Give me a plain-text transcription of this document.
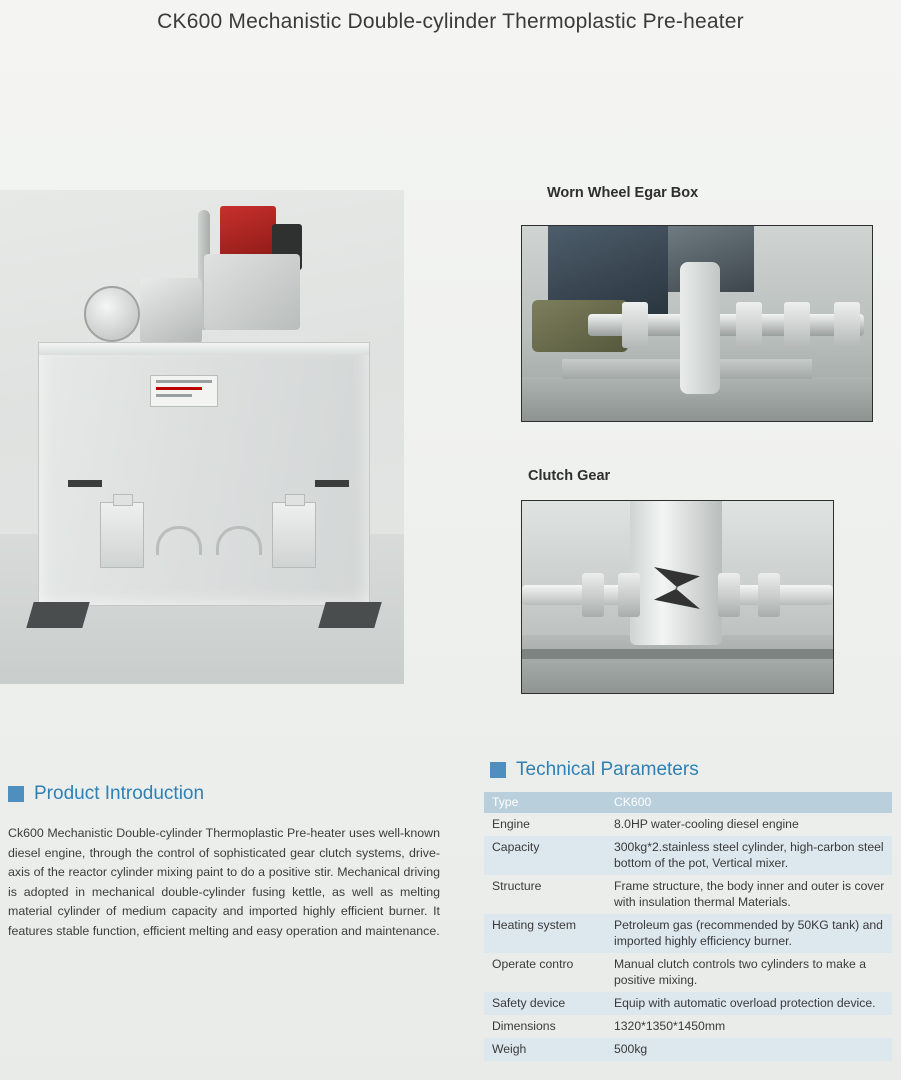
CK600 Mechanistic Double-cylinder Thermoplastic Pre-heater
Worn Wheel Egar Box
Clutch Gear
Product Introduction
Ck600 Mechanistic Double-cylinder Thermoplastic Pre-heater uses well-known diesel engine, through the control of sophisticated gear clutch systems, drive-axis of the reactor cylinder mixing paint to do a positive stir. Mechanical driving is adopted in mechanical double-cylinder fusing kettle, as well as melting material cylinder of medium capacity and imported highly efficient burner. It features stable function, efficient melting and easy operation and maintenance.
Technical Parameters
Type	CK600
Engine	8.0HP water-cooling diesel engine
Capacity	300kg*2.stainless steel cylinder, high-carbon steel bottom of the pot, Vertical mixer.
Structure	Frame structure, the body inner and outer is cover with insulation thermal Materials.
Heating system	Petroleum gas (recommended by 50KG tank) and imported highly efficiency burner.
Operate contro	Manual clutch controls two cylinders to make a positive mixing.
Safety device	Equip with automatic overload protection device.
Dimensions	1320*1350*1450mm
Weigh	500kg
